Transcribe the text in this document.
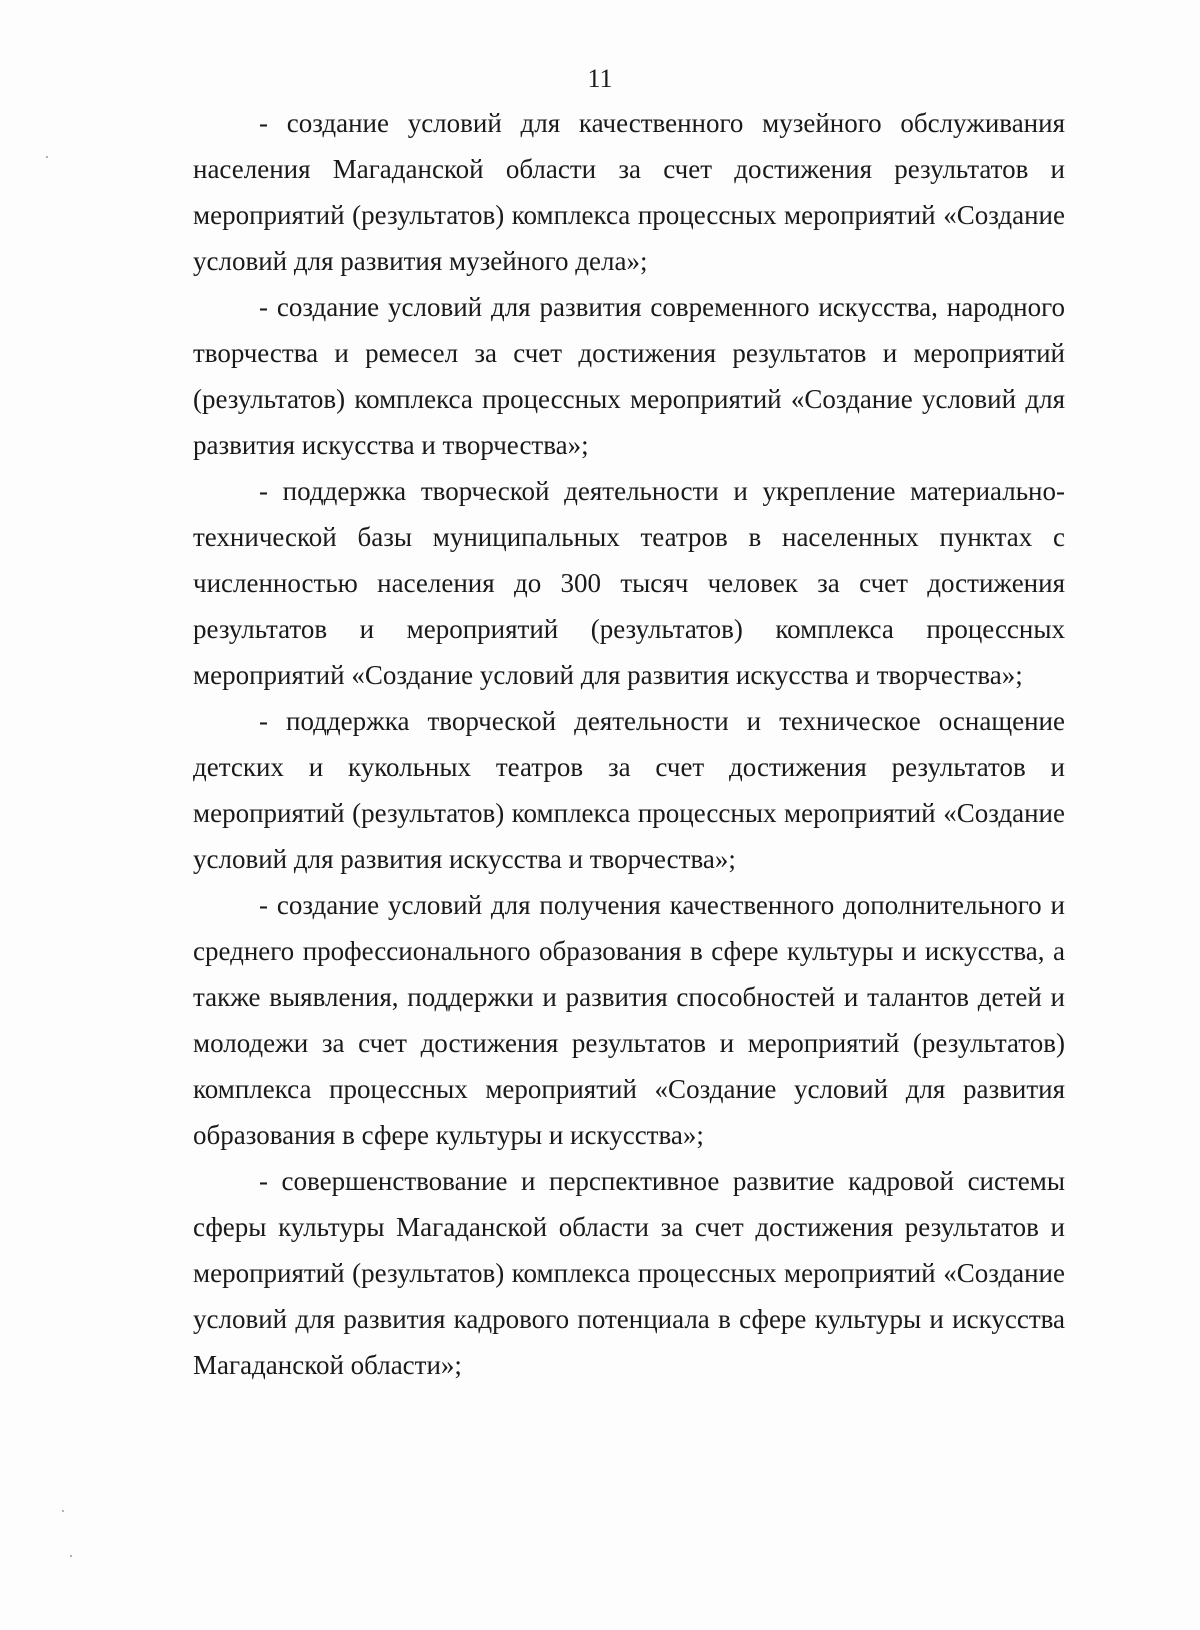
11

- создание условий для качественного музейного обслуживания населения Магаданской области за счет достижения результатов и мероприятий (результатов) комплекса процессных мероприятий «Создание условий для развития музейного дела»;

- создание условий для развития современного искусства, народного творчества и ремесел за счет достижения результатов и мероприятий (результатов) комплекса процессных мероприятий «Создание условий для развития искусства и творчества»;

- поддержка творческой деятельности и укрепление материально-технической базы муниципальных театров в населенных пунктах с численностью населения до 300 тысяч человек за счет достижения результатов и мероприятий (результатов) комплекса процессных мероприятий «Создание условий для развития искусства и творчества»;

- поддержка творческой деятельности и техническое оснащение детских и кукольных театров за счет достижения результатов и мероприятий (результатов) комплекса процессных мероприятий «Создание условий для развития искусства и творчества»;

- создание условий для получения качественного дополнительного и среднего профессионального образования в сфере культуры и искусства, а также выявления, поддержки и развития способностей и талантов детей и молодежи за счет достижения результатов и мероприятий (результатов) комплекса процессных мероприятий «Создание условий для развития образования в сфере культуры и искусства»;

- совершенствование и перспективное развитие кадровой системы сферы культуры Магаданской области за счет достижения результатов и мероприятий (результатов) комплекса процессных мероприятий «Создание условий для развития кадрового потенциала в сфере культуры и искусства Магаданской области»;
